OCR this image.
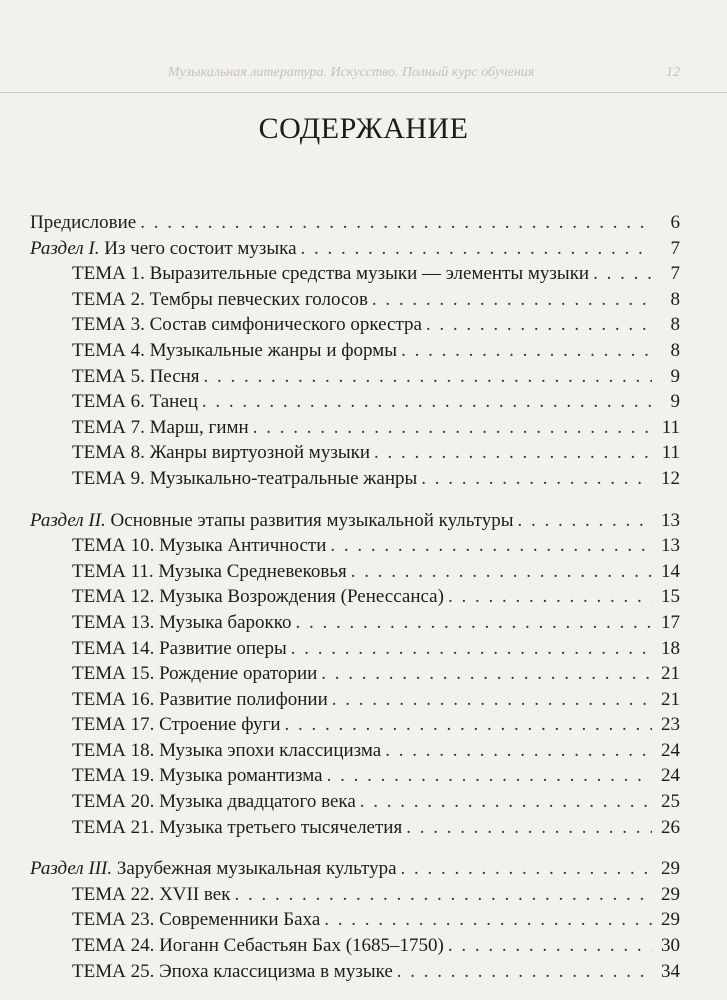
Музыкальная литература. Искусство. Полный курс обучения	12
СОДЕРЖАНИЕ
Предисловие . . .	6
Раздел I. Из чего состоит музыка . . .	7
ТЕМА 1. Выразительные средства музыки — элементы музыки . . .	7
ТЕМА 2. Тембры певческих голосов . . .	8
ТЕМА 3. Состав симфонического оркестра . . .	8
ТЕМА 4. Музыкальные жанры и формы . . .	8
ТЕМА 5. Песня . . .	9
ТЕМА 6. Танец . . .	9
ТЕМА 7. Марш, гимн . . .	11
ТЕМА 8. Жанры виртуозной музыки . . .	11
ТЕМА 9. Музыкально-театральные жанры . . .	12
Раздел II. Основные этапы развития музыкальной культуры . . .	13
ТЕМА 10. Музыка Античности . . .	13
ТЕМА 11. Музыка Средневековья . . .	14
ТЕМА 12. Музыка Возрождения (Ренессанса) . . .	15
ТЕМА 13. Музыка барокко . . .	17
ТЕМА 14. Развитие оперы . . .	18
ТЕМА 15. Рождение оратории . . .	21
ТЕМА 16. Развитие полифонии . . .	21
ТЕМА 17. Строение фуги . . .	23
ТЕМА 18. Музыка эпохи классицизма . . .	24
ТЕМА 19. Музыка романтизма . . .	24
ТЕМА 20. Музыка двадцатого века . . .	25
ТЕМА 21. Музыка третьего тысячелетия . . .	26
Раздел III. Зарубежная музыкальная культура . . .	29
ТЕМА 22. XVII век . . .	29
ТЕМА 23. Современники Баха . . .	29
ТЕМА 24. Иоганн Себастьян Бах (1685–1750) . . .	30
ТЕМА 25. Эпоха классицизма в музыке . . .	34
